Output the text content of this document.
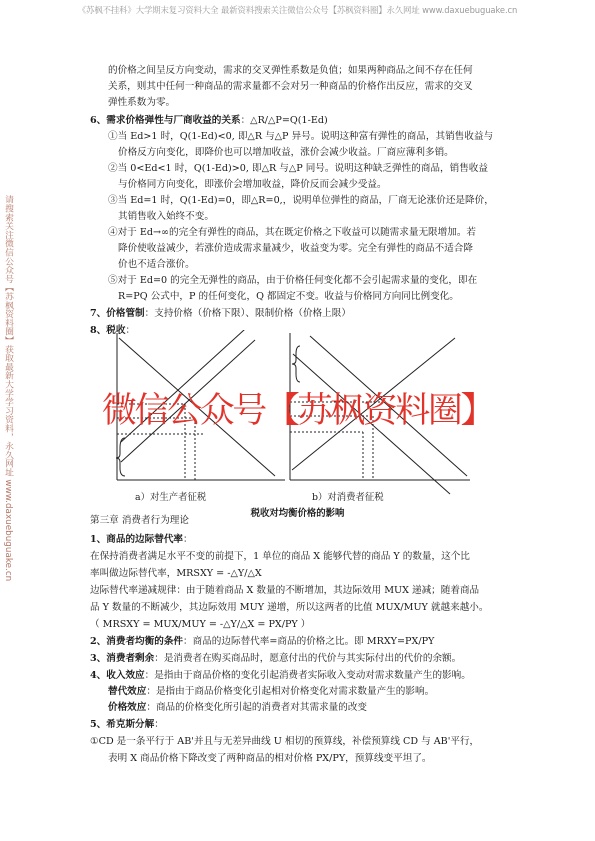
《苏枫不挂科》大学期末复习资料大全 最新资料搜索关注微信公众号【苏枫资料圈】永久网址 www.daxuebuguake.cn
请搜索关注微信公众号【苏枫资料圈】获取最新大学学习资料，永久网址 www.daxuebuguake.cn
的价格之间呈反方向变动，需求的交叉弹性系数是负值；如果两种商品之间不存在任何
关系，则其中任何一种商品的需求量都不会对另一种商品的价格作出反应，需求的交叉
弹性系数为零。
6、需求价格弹性与厂商收益的关系：△R/△P=Q(1-Ed)
①当 Ed>1 时，Q(1-Ed)<0, 即△R 与△P 异号。说明这种富有弹性的商品，其销售收益与
价格反方向变化，即降价也可以增加收益，涨价会减少收益。厂商应薄利多销。
②当 0<Ed<1 时，Q(1-Ed)>0, 即△R 与△P 同号。说明这种缺乏弹性的商品，销售收益
与价格同方向变化，即涨价会增加收益，降价反而会减少受益。
③当 Ed=1 时，Q(1-Ed)=0，即△R=0,，说明单位弹性的商品，厂商无论涨价还是降价，
其销售收入始终不变。
④对于 Ed→∞的完全有弹性的商品，其在既定价格之下收益可以随需求量无限增加。若
降价使收益减少，若涨价造成需求量减少，收益变为零。完全有弹性的商品不适合降
价也不适合涨价。
⑤对于 Ed=0 的完全无弹性的商品，由于价格任何变化都不会引起需求量的变化，即在
R=PQ 公式中，P 的任何变化，Q 都固定不变。收益与价格同方向同比例变化。
7、价格管制：支持价格（价格下限）、限制价格（价格上限）
8、税收：
第三章 消费者行为理论
1、商品的边际替代率：
在保持消费者满足水平不变的前提下，1 单位的商品 X 能够代替的商品 Y 的数量，这个比
率叫做边际替代率，MRSXY = -△Y/△X
边际替代率递减规律：由于随着商品 X 数量的不断增加，其边际效用 MUX 递减；随着商品
品 Y 数量的不断减少，其边际效用 MUY 递增，所以这两者的比值 MUX/MUY 就越来越小。
（ MRSXY = MUX/MUY = -△Y/△X = PX/PY ）
2、消费者均衡的条件：商品的边际替代率=商品的价格之比。即 MRXY=PX/PY
3、消费者剩余：是消费者在购买商品时，愿意付出的代价与其实际付出的代价的余额。
4、收入效应：是指由于商品价格的变化引起消费者实际收入变动对需求数量产生的影响。
替代效应：是指由于商品价格变化引起相对价格变化对需求数量产生的影响。
价格效应：商品的价格变化所引起的消费者对其需求量的改变
5、希克斯分解：
①CD 是一条平行于 AB'并且与无差异曲线 U 相切的预算线，补偿预算线 CD 与 AB'平行，
表明 X 商品价格下降改变了两种商品的相对价格 PX/PY，预算线变平坦了。
a）对生产者征税	b）对消费者征税
税收对均衡价格的影响
微信公众号【苏枫资料圈】
